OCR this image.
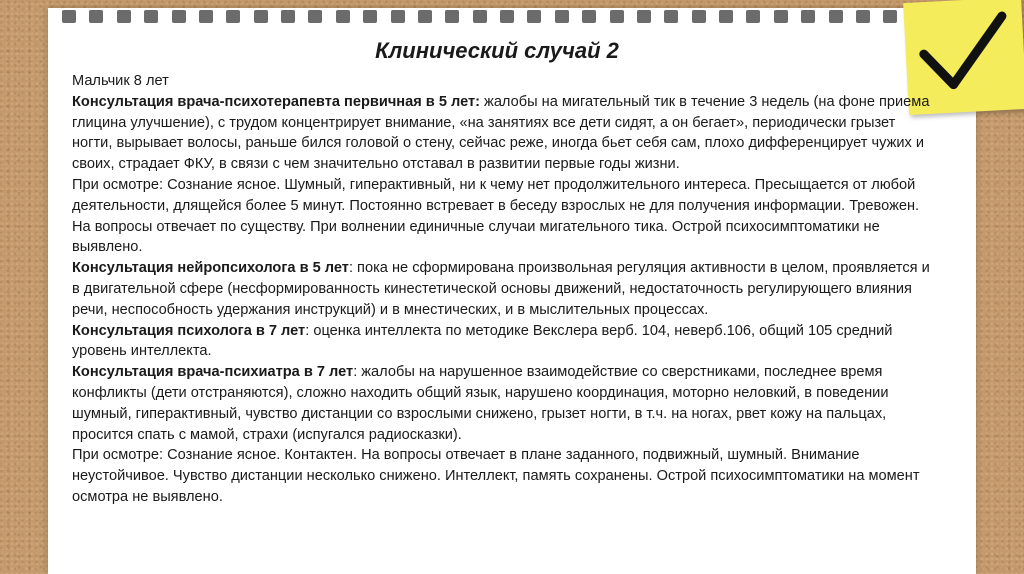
Клинический случай 2

Мальчик 8 лет

Консультация врача-психотерапевта первичная в 5 лет: жалобы на мигательный тик в течение 3 недель (на фоне приема глицина улучшение), с трудом концентрирует внимание, «на занятиях все дети сидят, а он бегает», периодически грызет ногти, вырывает волосы, раньше бился головой о стену, сейчас реже, иногда бьет себя сам, плохо дифференцирует чужих и своих, страдает ФКУ, в связи с чем значительно отставал в развитии первые годы жизни.

При осмотре: Сознание ясное. Шумный, гиперактивный, ни к чему нет продолжительного интереса. Пресыщается от любой деятельности, длящейся более 5 минут. Постоянно встревает в беседу взрослых не для получения информации. Тревожен. На вопросы отвечает по существу. При волнении единичные случаи мигательного тика. Острой психосимптоматики не выявлено.

Консультация нейропсихолога в 5 лет: пока не сформирована произвольная регуляция активности в целом, проявляется и в двигательной сфере (несформированность кинестетической основы движений, недостаточность регулирующего влияния речи, неспособность удержания инструкций) и в мнестических, и в мыслительных процессах.

Консультация психолога в 7 лет: оценка интеллекта по методике Векслера верб. 104, неверб.106, общий 105 средний уровень интеллекта.

Консультация врача-психиатра в 7 лет: жалобы на нарушенное взаимодействие со сверстниками, последнее время конфликты (дети отстраняются), сложно находить общий язык, нарушено координация, моторно неловкий, в поведении шумный, гиперактивный, чувство дистанции со взрослыми снижено, грызет ногти, в т.ч. на ногах, рвет кожу на пальцах, просится спать с мамой, страхи (испугался радиосказки).

При осмотре: Сознание ясное. Контактен. На вопросы отвечает в плане заданного, подвижный, шумный. Внимание неустойчивое. Чувство дистанции несколько снижено. Интеллект, память сохранены. Острой психосимптоматики на момент осмотра не выявлено.
